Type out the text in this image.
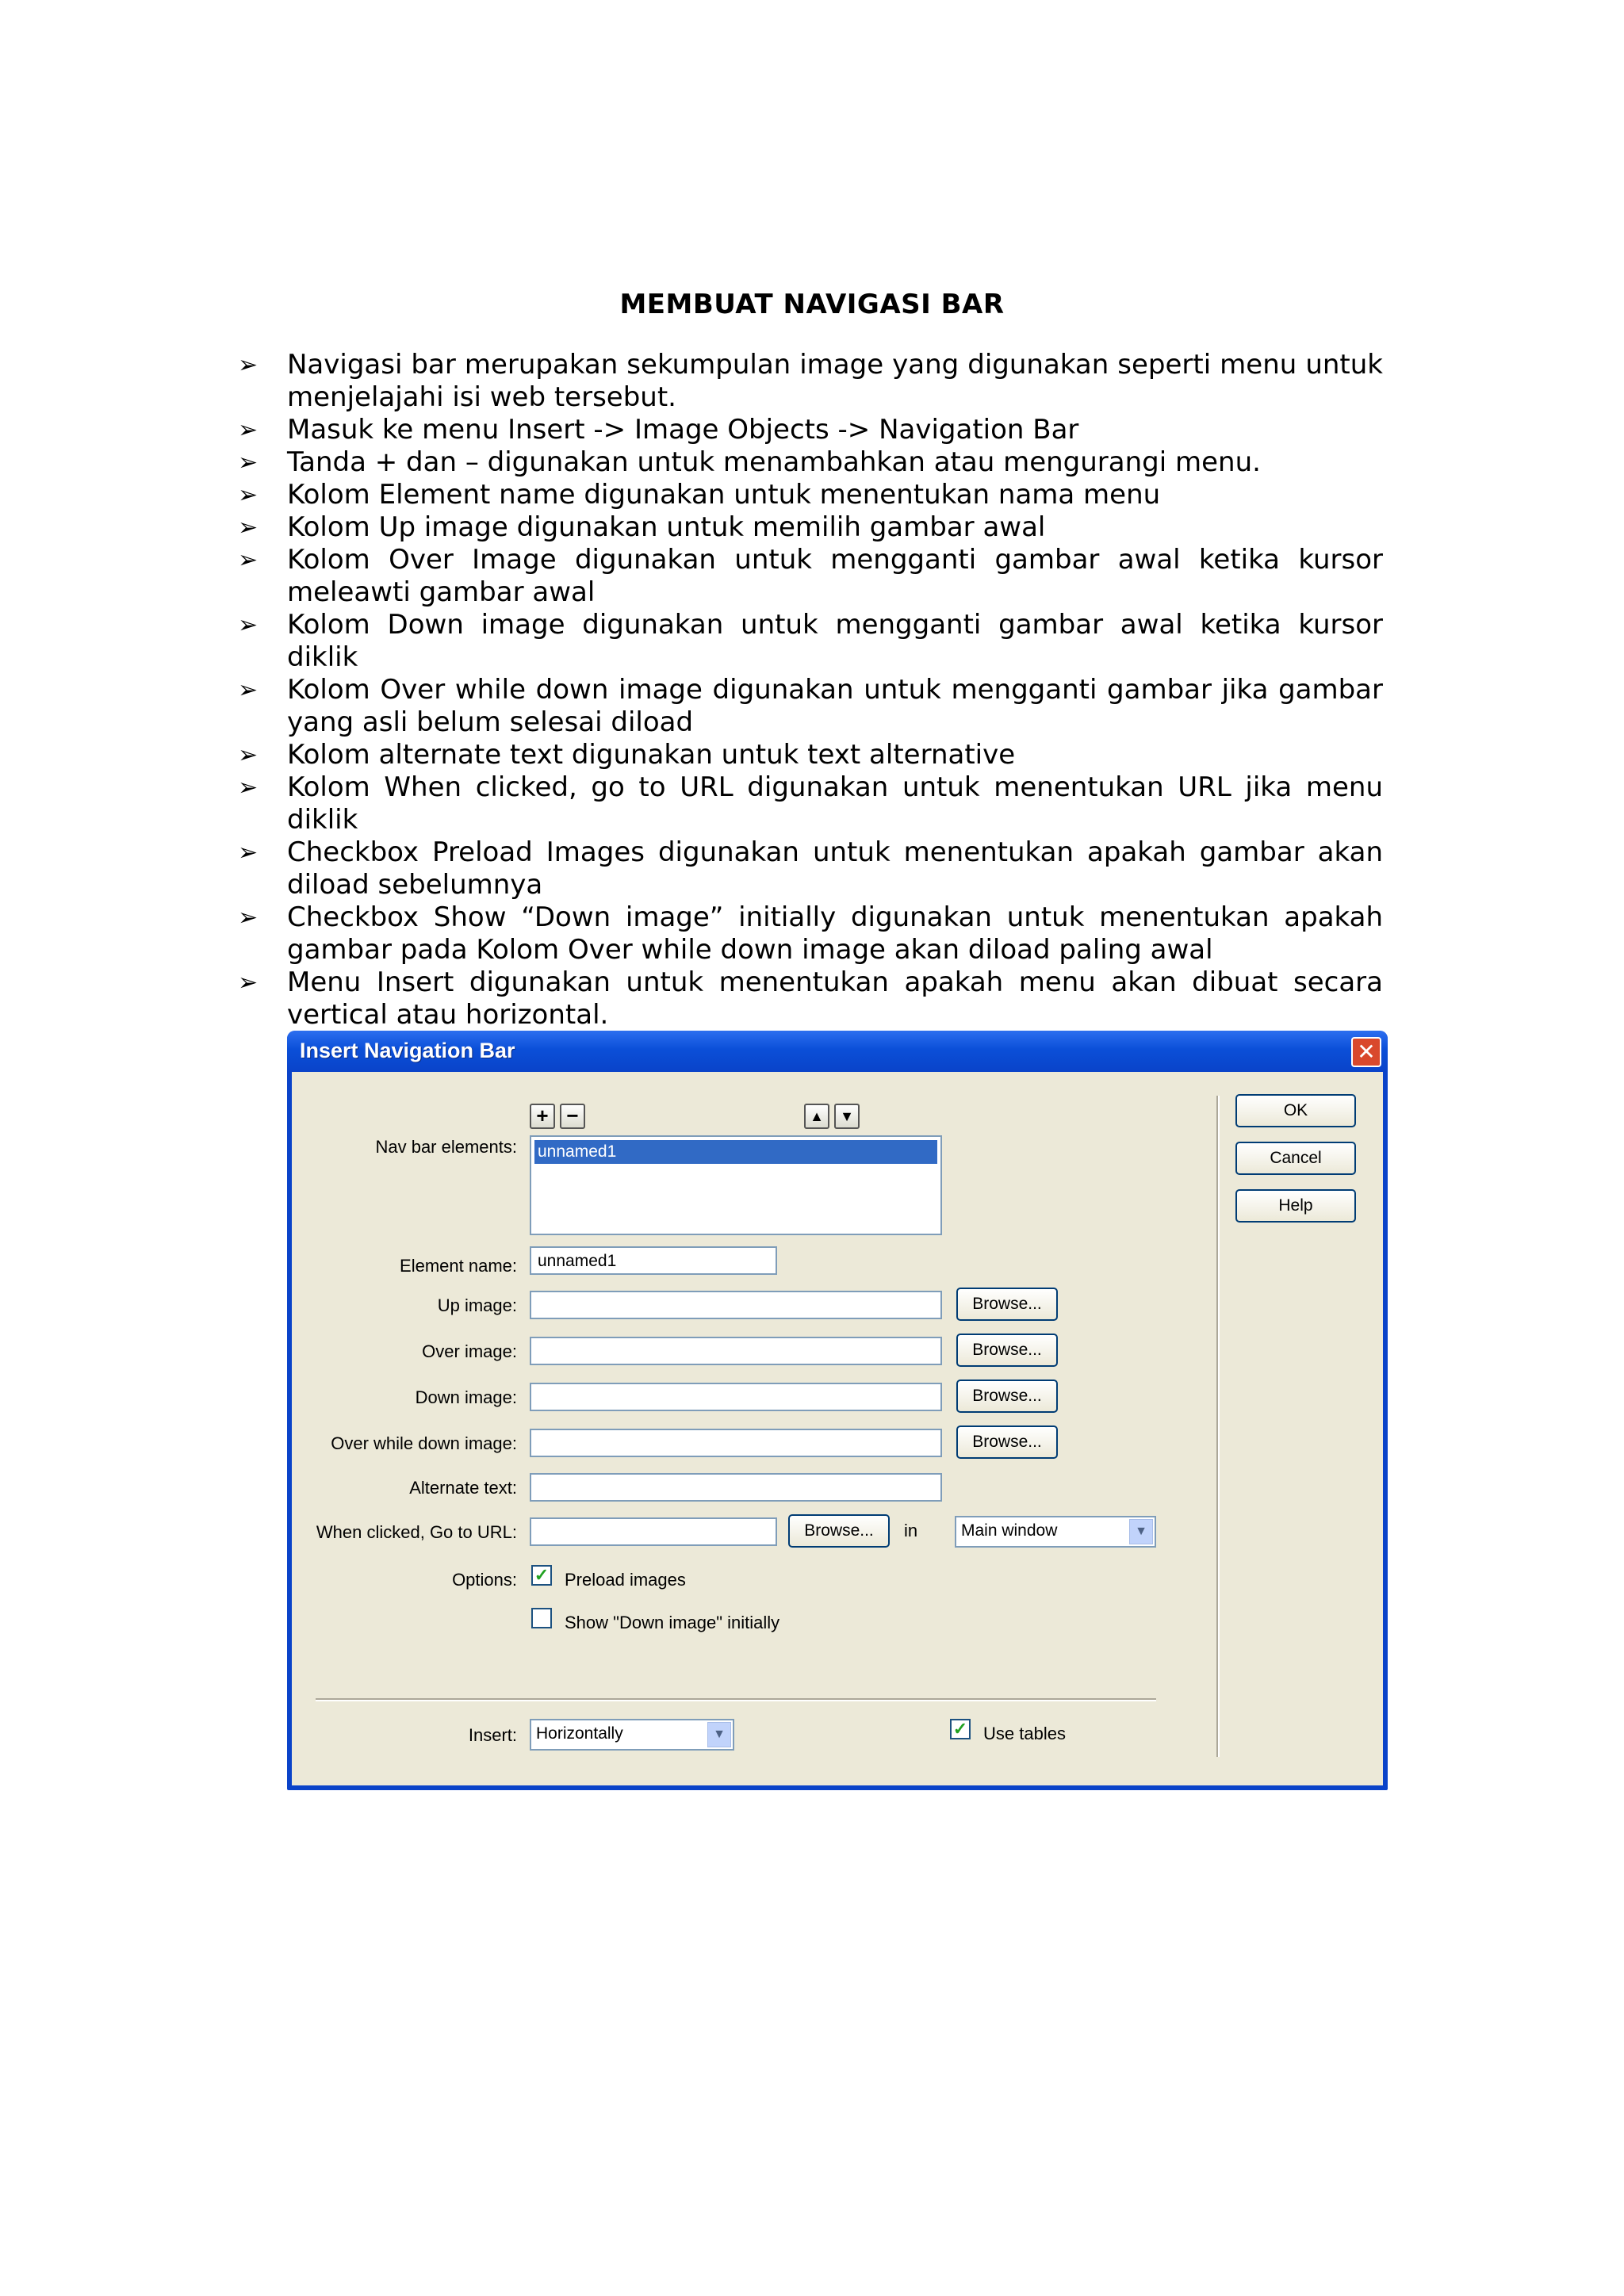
MEMBUAT NAVIGASI BAR
➢ Navigasi bar merupakan sekumpulan image yang digunakan seperti menu untuk menjelajahi isi web tersebut.
➢ Masuk ke menu Insert -> Image Objects -> Navigation Bar
➢ Tanda + dan – digunakan untuk menambahkan atau mengurangi menu.
➢ Kolom Element name digunakan untuk menentukan nama menu
➢ Kolom Up image digunakan untuk memilih gambar awal
➢ Kolom Over Image digunakan untuk mengganti gambar awal ketika kursor meleawti gambar awal
➢ Kolom Down image digunakan untuk mengganti gambar awal ketika kursor diklik
➢ Kolom Over while down image digunakan untuk mengganti gambar jika gambar yang asli belum selesai diload
➢ Kolom alternate text digunakan untuk text alternative
➢ Kolom When clicked, go to URL digunakan untuk menentukan URL jika menu diklik
➢ Checkbox Preload Images digunakan untuk menentukan apakah gambar akan diload sebelumnya
➢ Checkbox Show “Down image” initially digunakan untuk menentukan apakah gambar pada Kolom Over while down image akan diload paling awal
➢ Menu Insert digunakan untuk menentukan apakah menu akan dibuat secara vertical atau horizontal.
Insert Navigation Bar	✕
+ −	▲	▼
Nav bar elements: unnamed1
Element name:	unnamed1
Up image:	Browse...
Over image:	Browse...
Down image:	Browse...
Over while down image:	Browse...
Alternate text:
When clicked, Go to URL:	Browse...	in	Main window	▼
Options: ✓ Preload images
Show "Down image" initially
Insert:	Horizontally	▼	✓ Use tables
OK
Cancel
Help
